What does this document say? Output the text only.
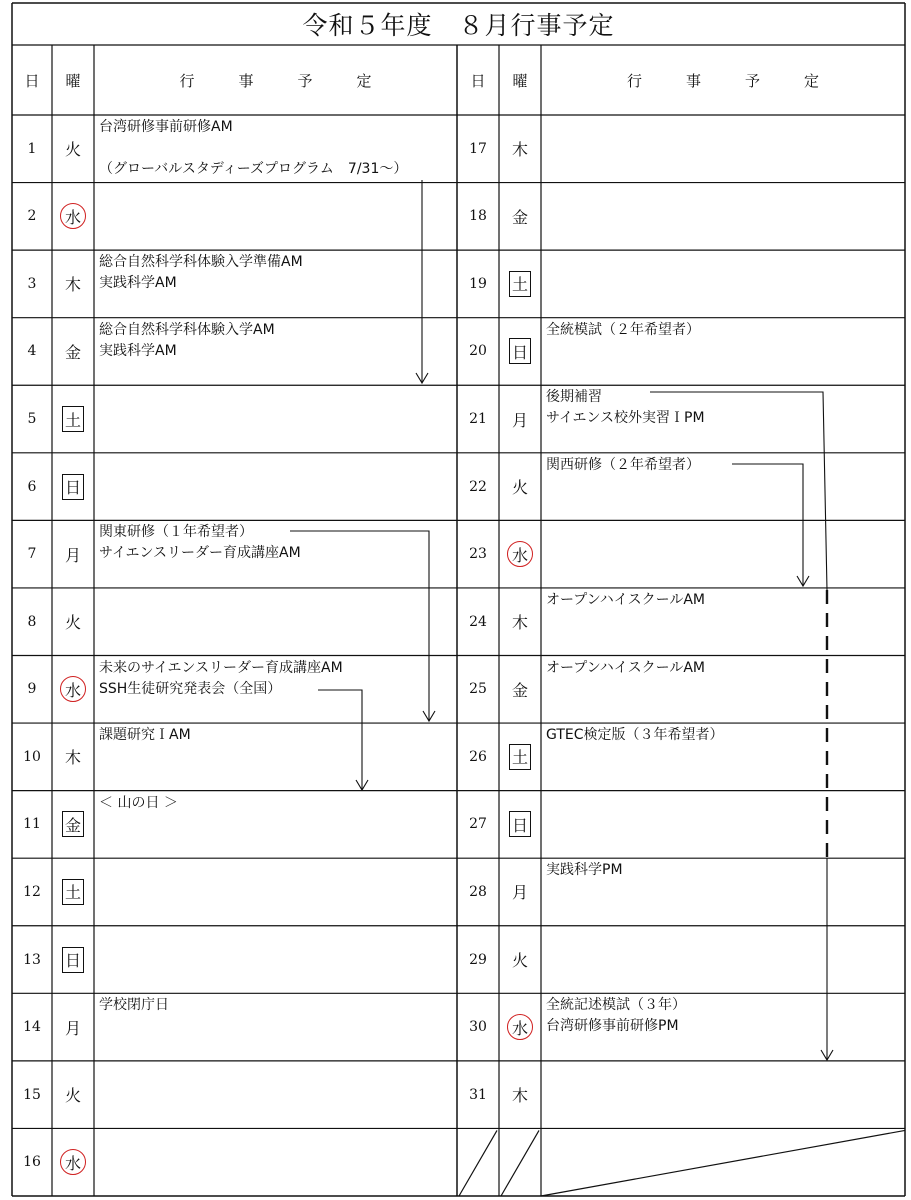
令和５年度　８月行事予定
日	曜	行事予定	日	曜	行事予定
1	火
台湾研修事前研修AM
（グローバルスタディーズプログラム　7/31〜）
2	水
3	木
総合自然科学科体験入学準備AM
実践科学AM
4	金
総合自然科学科体験入学AM
実践科学AM
5	土
6	日
7	月
関東研修（１年希望者）
サイエンスリーダー育成講座AM
8	火
9	水
未来のサイエンスリーダー育成講座AM
SSH生徒研究発表会（全国）
10	木
課題研究ＩAM
11	金
＜ 山の日 ＞
12	土
13	日
14	月
学校閉庁日
15	火
16	水
17	木
18	金
19	土
20	日
全統模試（２年希望者）
21	月
後期補習
サイエンス校外実習ＩPM
22	火
関西研修（２年希望者）
23	水
24	木
オープンハイスクールAM
25	金
オープンハイスクールAM
26	土
GTEC検定版（３年希望者）
27	日
28	月
実践科学PM
29	火
30	水
全統記述模試（３年）
台湾研修事前研修PM
31	木
